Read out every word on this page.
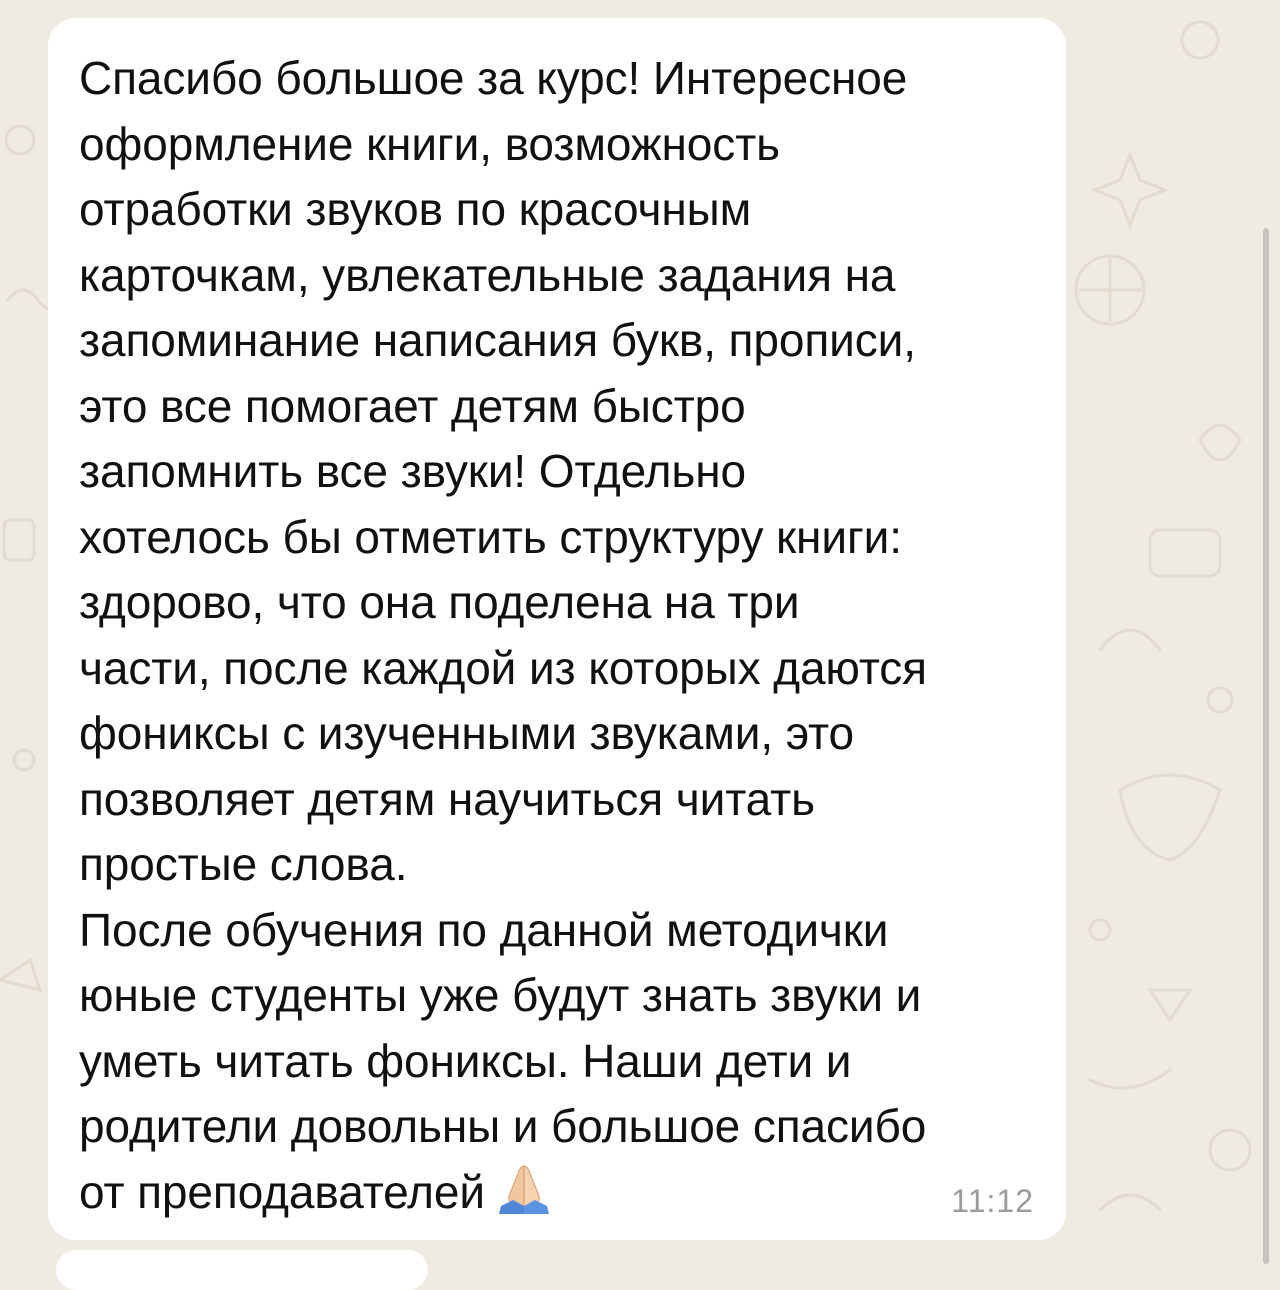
Спасибо большое за курс! Интересное
оформление книги, возможность
отработки звуков по красочным
карточкам, увлекательные задания на
запоминание написания букв, прописи,
это все помогает детям быстро
запомнить все звуки! Отдельно
хотелось бы отметить структуру книги:
здорово, что она поделена на три
части, после каждой из которых даются
фониксы с изученными звуками, это
позволяет детям научиться читать
простые слова.
После обучения по данной методички
юные студенты уже будут знать звуки и
уметь читать фониксы. Наши дети и
родители довольны и большое спасибо
от преподавателей	11:12
